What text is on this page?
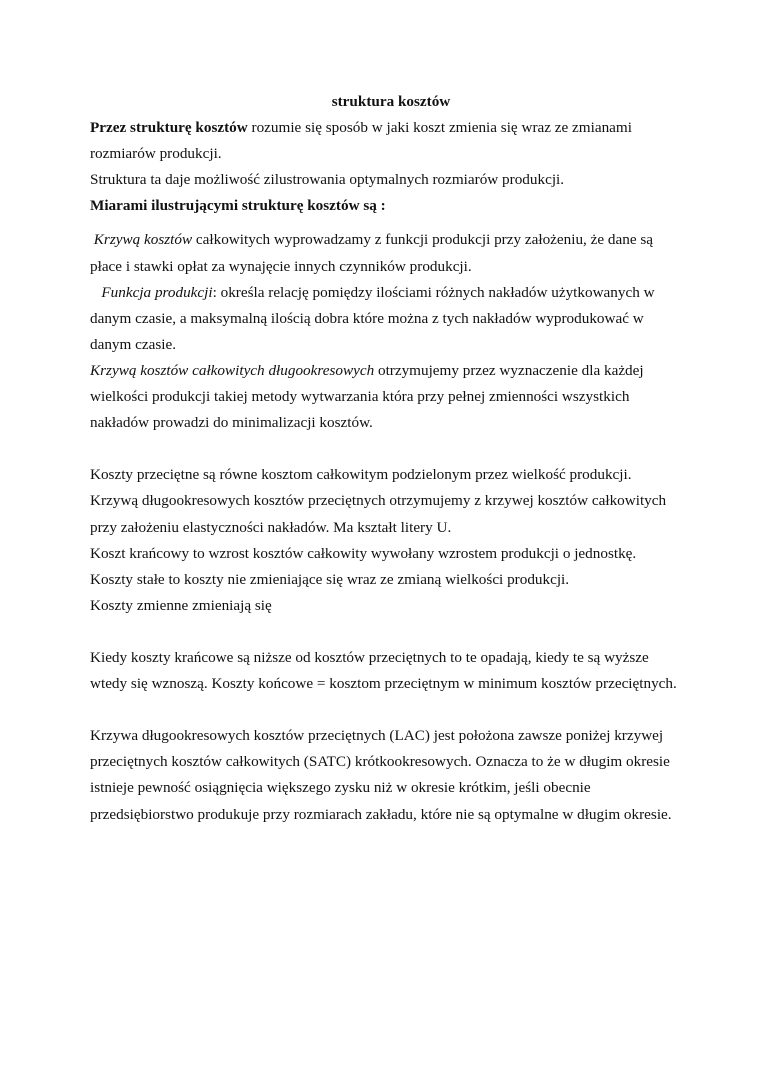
struktura kosztów

Przez strukturę kosztów rozumie się sposób w jaki koszt zmienia się wraz ze zmianami rozmiarów produkcji.

Struktura ta daje możliwość zilustrowania optymalnych rozmiarów produkcji.

Miarami ilustrującymi strukturę kosztów są :

Krzywą kosztów całkowitych wyprowadzamy z funkcji produkcji przy założeniu, że dane są płace i stawki opłat za wynajęcie innych czynników produkcji.

Funkcja produkcji: określa relację pomiędzy ilościami różnych nakładów użytkowanych w danym czasie, a maksymalną ilością dobra które można z tych nakładów wyprodukować w danym czasie.

Krzywą kosztów całkowitych długookresowych otrzymujemy przez wyznaczenie dla każdej wielkości produkcji takiej metody wytwarzania która przy pełnej zmienności wszystkich nakładów prowadzi do minimalizacji kosztów.

Koszty przeciętne są równe kosztom całkowitym podzielonym przez wielkość produkcji.

Krzywą długookresowych kosztów przeciętnych otrzymujemy z krzywej kosztów całkowitych przy założeniu elastyczności nakładów. Ma kształt litery U.

Koszt krańcowy to wzrost kosztów całkowity wywołany wzrostem produkcji o jednostkę.

Koszty stałe to koszty nie zmieniające się wraz ze zmianą wielkości produkcji.

Koszty zmienne zmieniają się

Kiedy koszty krańcowe są niższe od kosztów przeciętnych to te opadają, kiedy te są wyższe wtedy się wznoszą. Koszty końcowe = kosztom przeciętnym w minimum kosztów przeciętnych.

Krzywa długookresowych kosztów przeciętnych (LAC) jest położona zawsze poniżej krzywej przeciętnych kosztów całkowitych (SATC) krótkookresowych. Oznacza to że w długim okresie istnieje pewność osiągnięcia większego zysku niż w okresie krótkim, jeśli obecnie przedsiębiorstwo produkuje przy rozmiarach zakładu, które nie są optymalne w długim okresie.
